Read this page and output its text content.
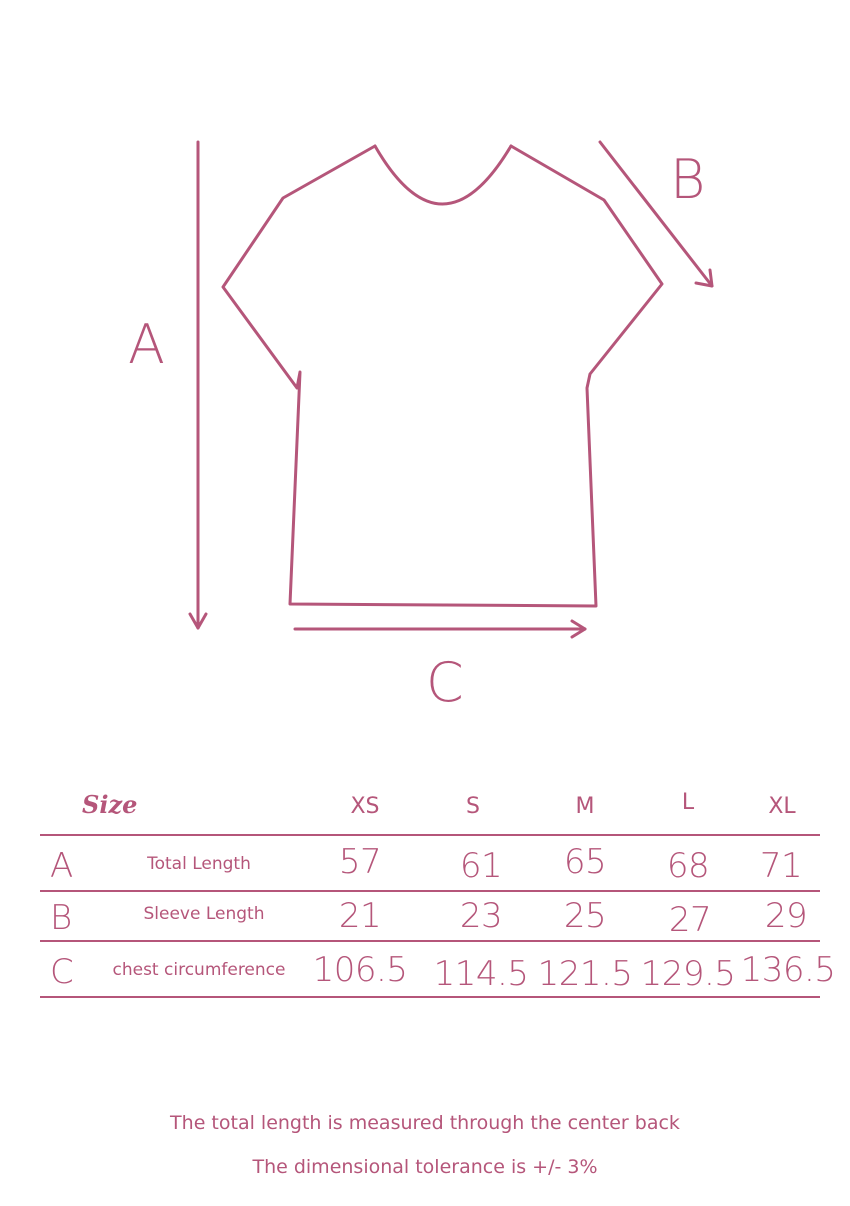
A
B
C
Size	XS	S	M	L	XL
A	Total Length	57	61	65	68	71
B	Sleeve Length	21	23	25	27	29
C	chest circumference 106.5 114.5 121.5 129.5 136.5
The total length is measured through the center back
The dimensional tolerance is +/- 3%
